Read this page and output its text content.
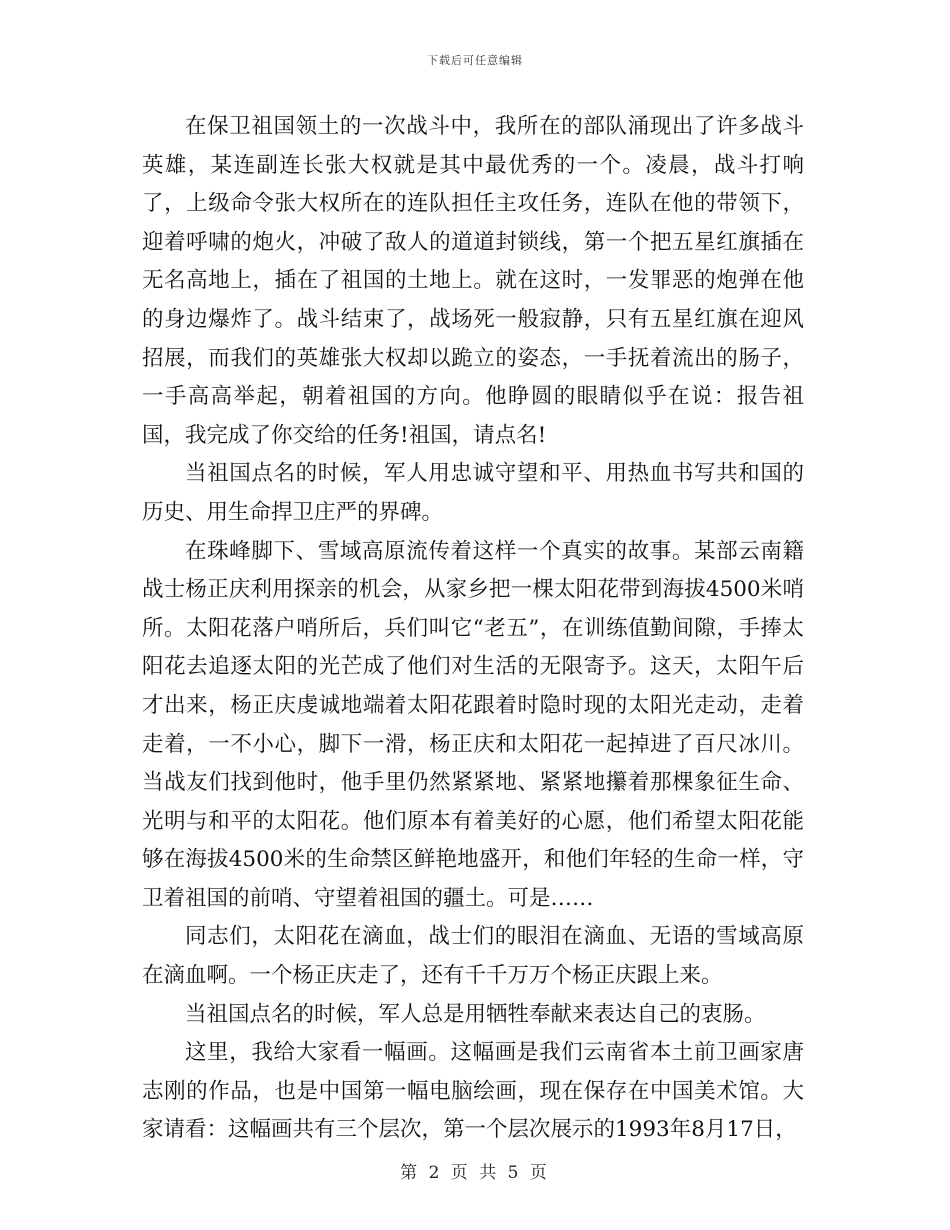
下载后可任意编辑

在保卫祖国领土的一次战斗中，我所在的部队涌现出了许多战斗英雄，某连副连长张大权就是其中最优秀的一个。凌晨，战斗打响了，上级命令张大权所在的连队担任主攻任务，连队在他的带领下，迎着呼啸的炮火，冲破了敌人的道道封锁线，第一个把五星红旗插在无名高地上，插在了祖国的土地上。就在这时，一发罪恶的炮弹在他的身边爆炸了。战斗结束了，战场死一般寂静，只有五星红旗在迎风招展，而我们的英雄张大权却以跪立的姿态，一手抚着流出的肠子，一手高高举起，朝着祖国的方向。他睁圆的眼睛似乎在说：报告祖国，我完成了你交给的任务!祖国，请点名!

当祖国点名的时候，军人用忠诚守望和平、用热血书写共和国的历史、用生命捍卫庄严的界碑。

在珠峰脚下、雪域高原流传着这样一个真实的故事。某部云南籍战士杨正庆利用探亲的机会，从家乡把一棵太阳花带到海拔4500米哨所。太阳花落户哨所后，兵们叫它“老五”，在训练值勤间隙，手捧太阳花去追逐太阳的光芒成了他们对生活的无限寄予。这天，太阳午后才出来，杨正庆虔诚地端着太阳花跟着时隐时现的太阳光走动，走着走着，一不小心，脚下一滑，杨正庆和太阳花一起掉进了百尺冰川。当战友们找到他时，他手里仍然紧紧地、紧紧地攥着那棵象征生命、光明与和平的太阳花。他们原本有着美好的心愿，他们希望太阳花能够在海拔4500米的生命禁区鲜艳地盛开，和他们年轻的生命一样，守卫着祖国的前哨、守望着祖国的疆土。可是……

同志们，太阳花在滴血，战士们的眼泪在滴血、无语的雪域高原在滴血啊。一个杨正庆走了，还有千千万万个杨正庆跟上来。

当祖国点名的时候，军人总是用牺牲奉献来表达自己的衷肠。

这里，我给大家看一幅画。这幅画是我们云南省本土前卫画家唐志刚的作品，也是中国第一幅电脑绘画，现在保存在中国美术馆。大家请看：这幅画共有三个层次，第一个层次展示的1993年8月17日，

第 2 页 共 5 页
